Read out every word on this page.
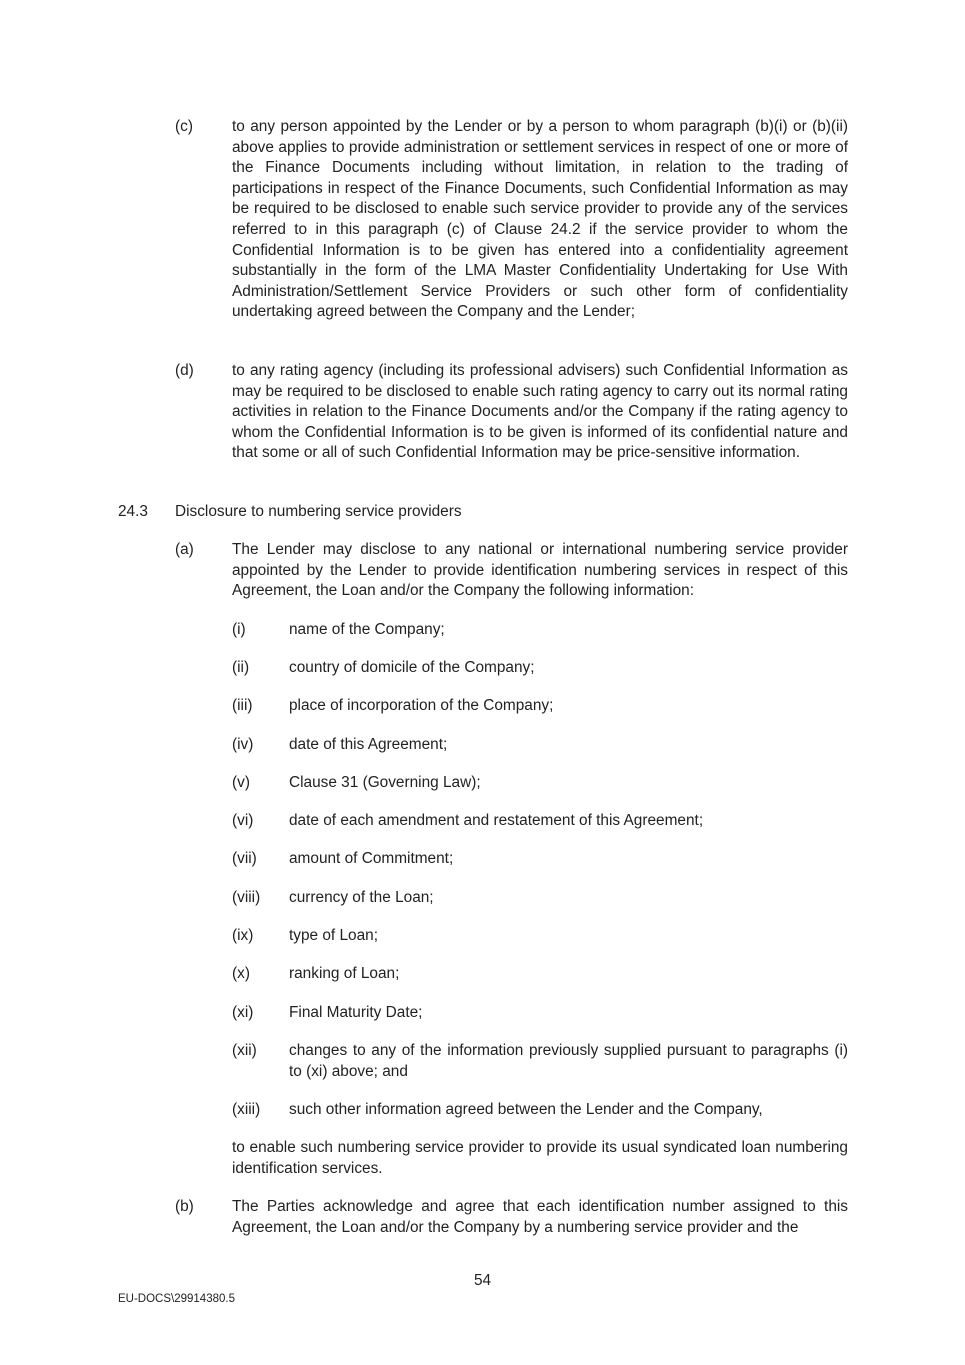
(c)	to any person appointed by the Lender or by a person to whom paragraph (b)(i) or (b)(ii) above applies to provide administration or settlement services in respect of one or more of the Finance Documents including without limitation, in relation to the trading of participations in respect of the Finance Documents, such Confidential Information as may be required to be disclosed to enable such service provider to provide any of the services referred to in this paragraph (c) of Clause 24.2 if the service provider to whom the Confidential Information is to be given has entered into a confidentiality agreement substantially in the form of the LMA Master Confidentiality Undertaking for Use With Administration/Settlement Service Providers or such other form of confidentiality undertaking agreed between the Company and the Lender;
(d) to any rating agency (including its professional advisers) such Confidential Information as may be required to be disclosed to enable such rating agency to carry out its normal rating activities in relation to the Finance Documents and/or the Company if the rating agency to whom the Confidential Information is to be given is informed of its confidential nature and that some or all of such Confidential Information may be price-sensitive information.
24.3 Disclosure to numbering service providers
(a) The Lender may disclose to any national or international numbering service provider appointed by the Lender to provide identification numbering services in respect of this Agreement, the Loan and/or the Company the following information:
(i)	name of the Company;
(ii)	country of domicile of the Company;
(iii) place of incorporation of the Company;
(iv) date of this Agreement;
(v)	Clause 31 (Governing Law);
(vi) date of each amendment and restatement of this Agreement;
(vii) amount of Commitment;
(viii) currency of the Loan;
(ix) type of Loan;
(x)	ranking of Loan;
(xi) Final Maturity Date;
(xii) changes to any of the information previously supplied pursuant to paragraphs (i) to (xi) above; and
(xiii) such other information agreed between the Lender and the Company,
to enable such numbering service provider to provide its usual syndicated loan numbering identification services.
(b) The Parties acknowledge and agree that each identification number assigned to this Agreement, the Loan and/or the Company by a numbering service provider and the
54
EU-DOCS\29914380.5
